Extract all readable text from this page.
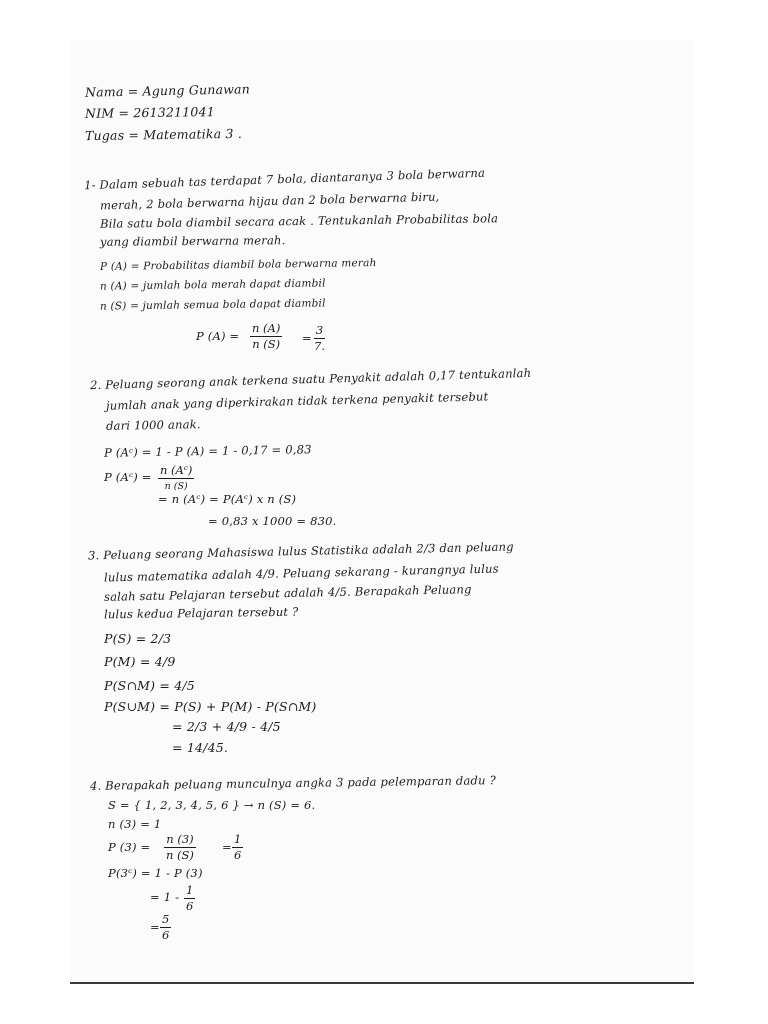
Nama = Agung Gunawan
NIM = 2613211041
Tugas = Matematika 3 .
1- Dalam sebuah tas terdapat 7 bola, diantaranya 3 bola berwarna
merah, 2 bola berwarna hijau dan 2 bola berwarna biru,
Bila satu bola diambil secara acak . Tentukanlah Probabilitas bola
yang diambil berwarna merah.
P (A) = Probabilitas diambil bola berwarna merah
n (A) = jumlah bola merah dapat diambil
n (S) = jumlah semua bola dapat diambil
P $(A) = \frac{n (A)}{n (S)} = \frac{3}{7.}$
2. Peluang seorang anak terkena suatu Penyakit adalah 0,17 tentukanlah
jumlah anak yang diperkirakan tidak terkena penyakit tersebut
dari 1000 anak.
P (Aᶜ) = 1 - P (A) = 1 - 0,17 = 0,83
P (Aᶜ) = n (Aᶜ)
n (S)
= n (Aᶜ) = P(Aᶜ) x n (S)
= 0,83 x 1000 = 830.
3. Peluang seorang Mahasiswa lulus Statistika adalah 2/3 dan peluang
lulus matematika adalah 4/9. Peluang sekarang - kurangnya lulus
salah satu Pelajaran tersebut adalah 4/5. Berapakah Peluang
lulus kedua Pelajaran tersebut ?
P(S) = 2/3
P(M) = 4/9
P(S∩M) = 4/5
P(S∪M) = P(S) + P(M) - P(S∩M)
= 2/3 + 4/9 - 4/5
= 14/45.
4. Berapakah peluang munculnya angka 3 pada pelemparan dadu ?
S = { 1, 2, 3, 4, 5, 6 } → n (S) = 6.
n (3) = 1
P $(3) = \frac{n (3)}{n (S)} = \frac{1}{6}$
P(3ᶜ) = 1 - P (3)
= $1 - \frac{1}{6}$
= $\frac{5}{6}$
